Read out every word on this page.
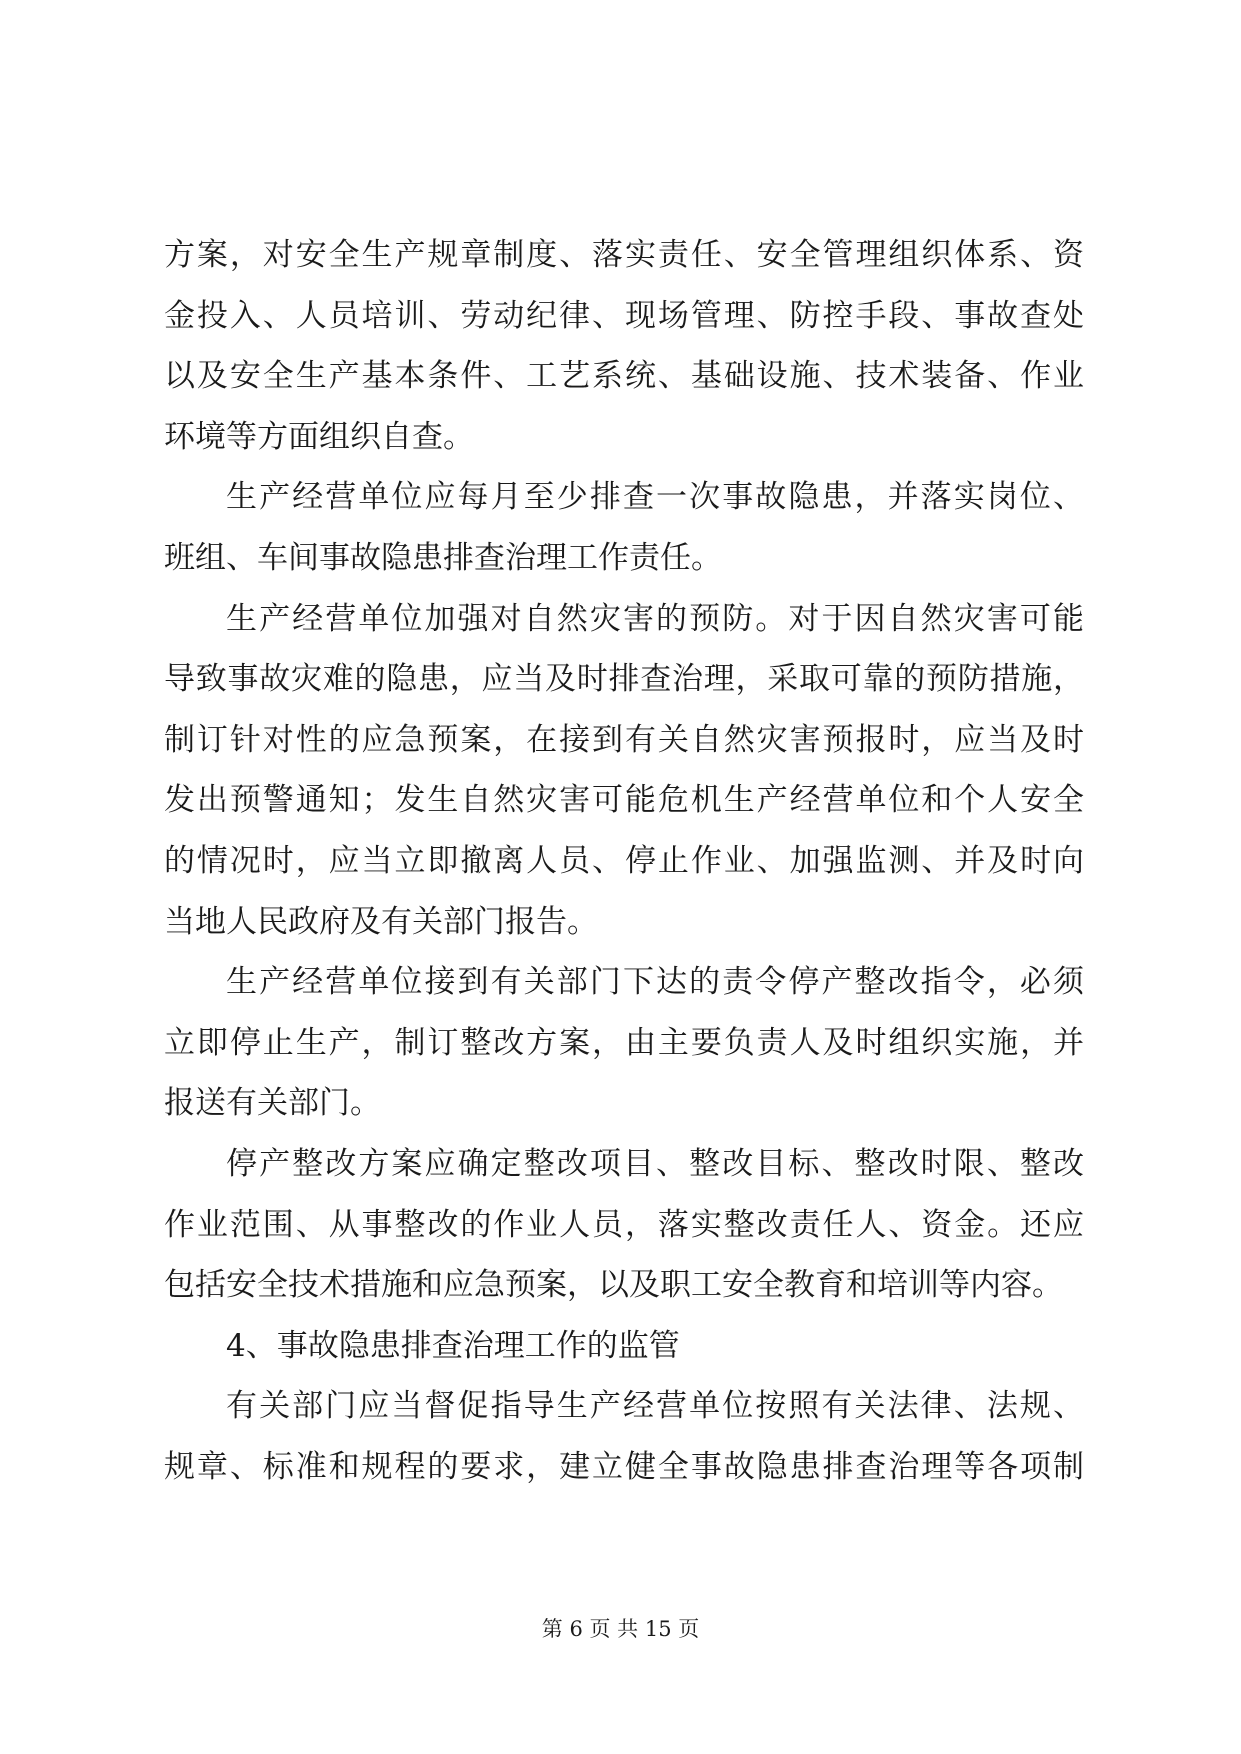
方案，对安全生产规章制度、落实责任、安全管理组织体系、资
金投入、人员培训、劳动纪律、现场管理、防控手段、事故查处
以及安全生产基本条件、工艺系统、基础设施、技术装备、作业
环境等方面组织自查。
生产经营单位应每月至少排查一次事故隐患，并落实岗位、
班组、车间事故隐患排查治理工作责任。
生产经营单位加强对自然灾害的预防。对于因自然灾害可能
导致事故灾难的隐患，应当及时排查治理，采取可靠的预防措施，
制订针对性的应急预案，在接到有关自然灾害预报时，应当及时
发出预警通知；发生自然灾害可能危机生产经营单位和个人安全
的情况时，应当立即撤离人员、停止作业、加强监测、并及时向
当地人民政府及有关部门报告。
生产经营单位接到有关部门下达的责令停产整改指令，必须
立即停止生产，制订整改方案，由主要负责人及时组织实施，并
报送有关部门。
停产整改方案应确定整改项目、整改目标、整改时限、整改
作业范围、从事整改的作业人员，落实整改责任人、资金。还应
包括安全技术措施和应急预案，以及职工安全教育和培训等内容。
4、事故隐患排查治理工作的监管
有关部门应当督促指导生产经营单位按照有关法律、法规、
规章、标准和规程的要求，建立健全事故隐患排查治理等各项制
第 6 页 共 15 页
